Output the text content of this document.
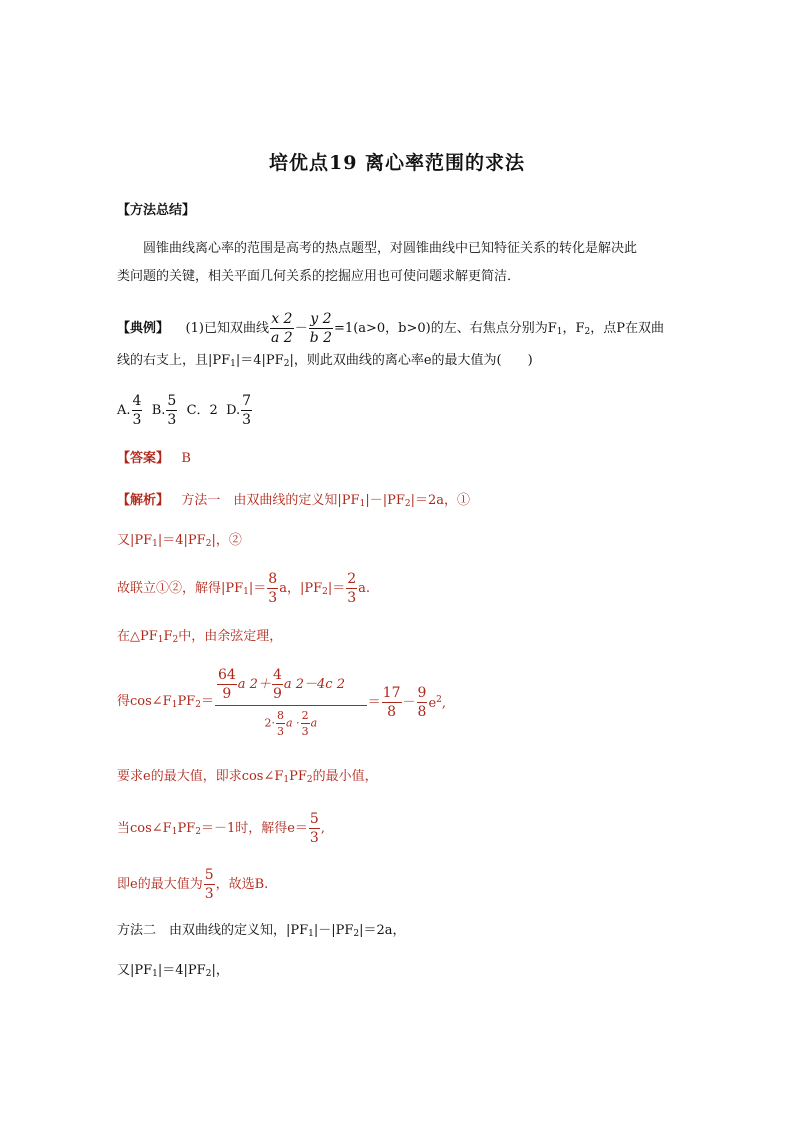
培优点19 离心率范围的求法
【方法总结】
圆锥曲线离心率的范围是高考的热点题型，对圆锥曲线中已知特征关系的转化是解决此
类问题的关键，相关平面几何关系的挖掘应用也可使问题求解更简洁．
【典例】 (1)已知双曲线 $\frac{x 2}{a 2} - \frac{y 2}{b 2} =1(a>0$，b>0)的左、右焦点分别为$F_1$，$F_2$，点P在双曲
线的右支上，且$|PF_1|=4|PF_2|$，则此双曲线的离心率e的最大值为(　　)
A. $\frac{4}{3} B$. $\frac{5}{3}$ C．2 D. $\frac{7}{3}$
【答案】 B
【解析】 方法一　由双曲线的定义知$|PF_1|-|PF_2|=2a$，①
又$|PF_1|=4|PF_2|$，②
故联立①②，解得$|PF_1|= \frac{8}{3}$ a，$|PF_2|= \frac{2}{3} a$.
在$\triangle PF_1F_2$中，由余弦定理，
得$\cos\angle F_1PF_2= \frac{\frac{64}{9} a 2+ \frac{4}{9} a 2-4c 2}{2\cdot \frac{8}{3} a \cdot \frac{2}{3} a} = \frac{17}{8} - \frac{9}{8} e^2$,
要求e的最大值，即求$\cos\angle F_1PF_2$的最小值，
当$\cos\angle F_1PF_2=-1$时，解得$e= \frac{5}{3}$ ,
即e的最大值为 $\frac{5}{3}$ ，故选B.
方法二　由双曲线的定义知，$|PF_1|-|PF_2|=2a$，
又$|PF_1|=4|PF_2|$，
